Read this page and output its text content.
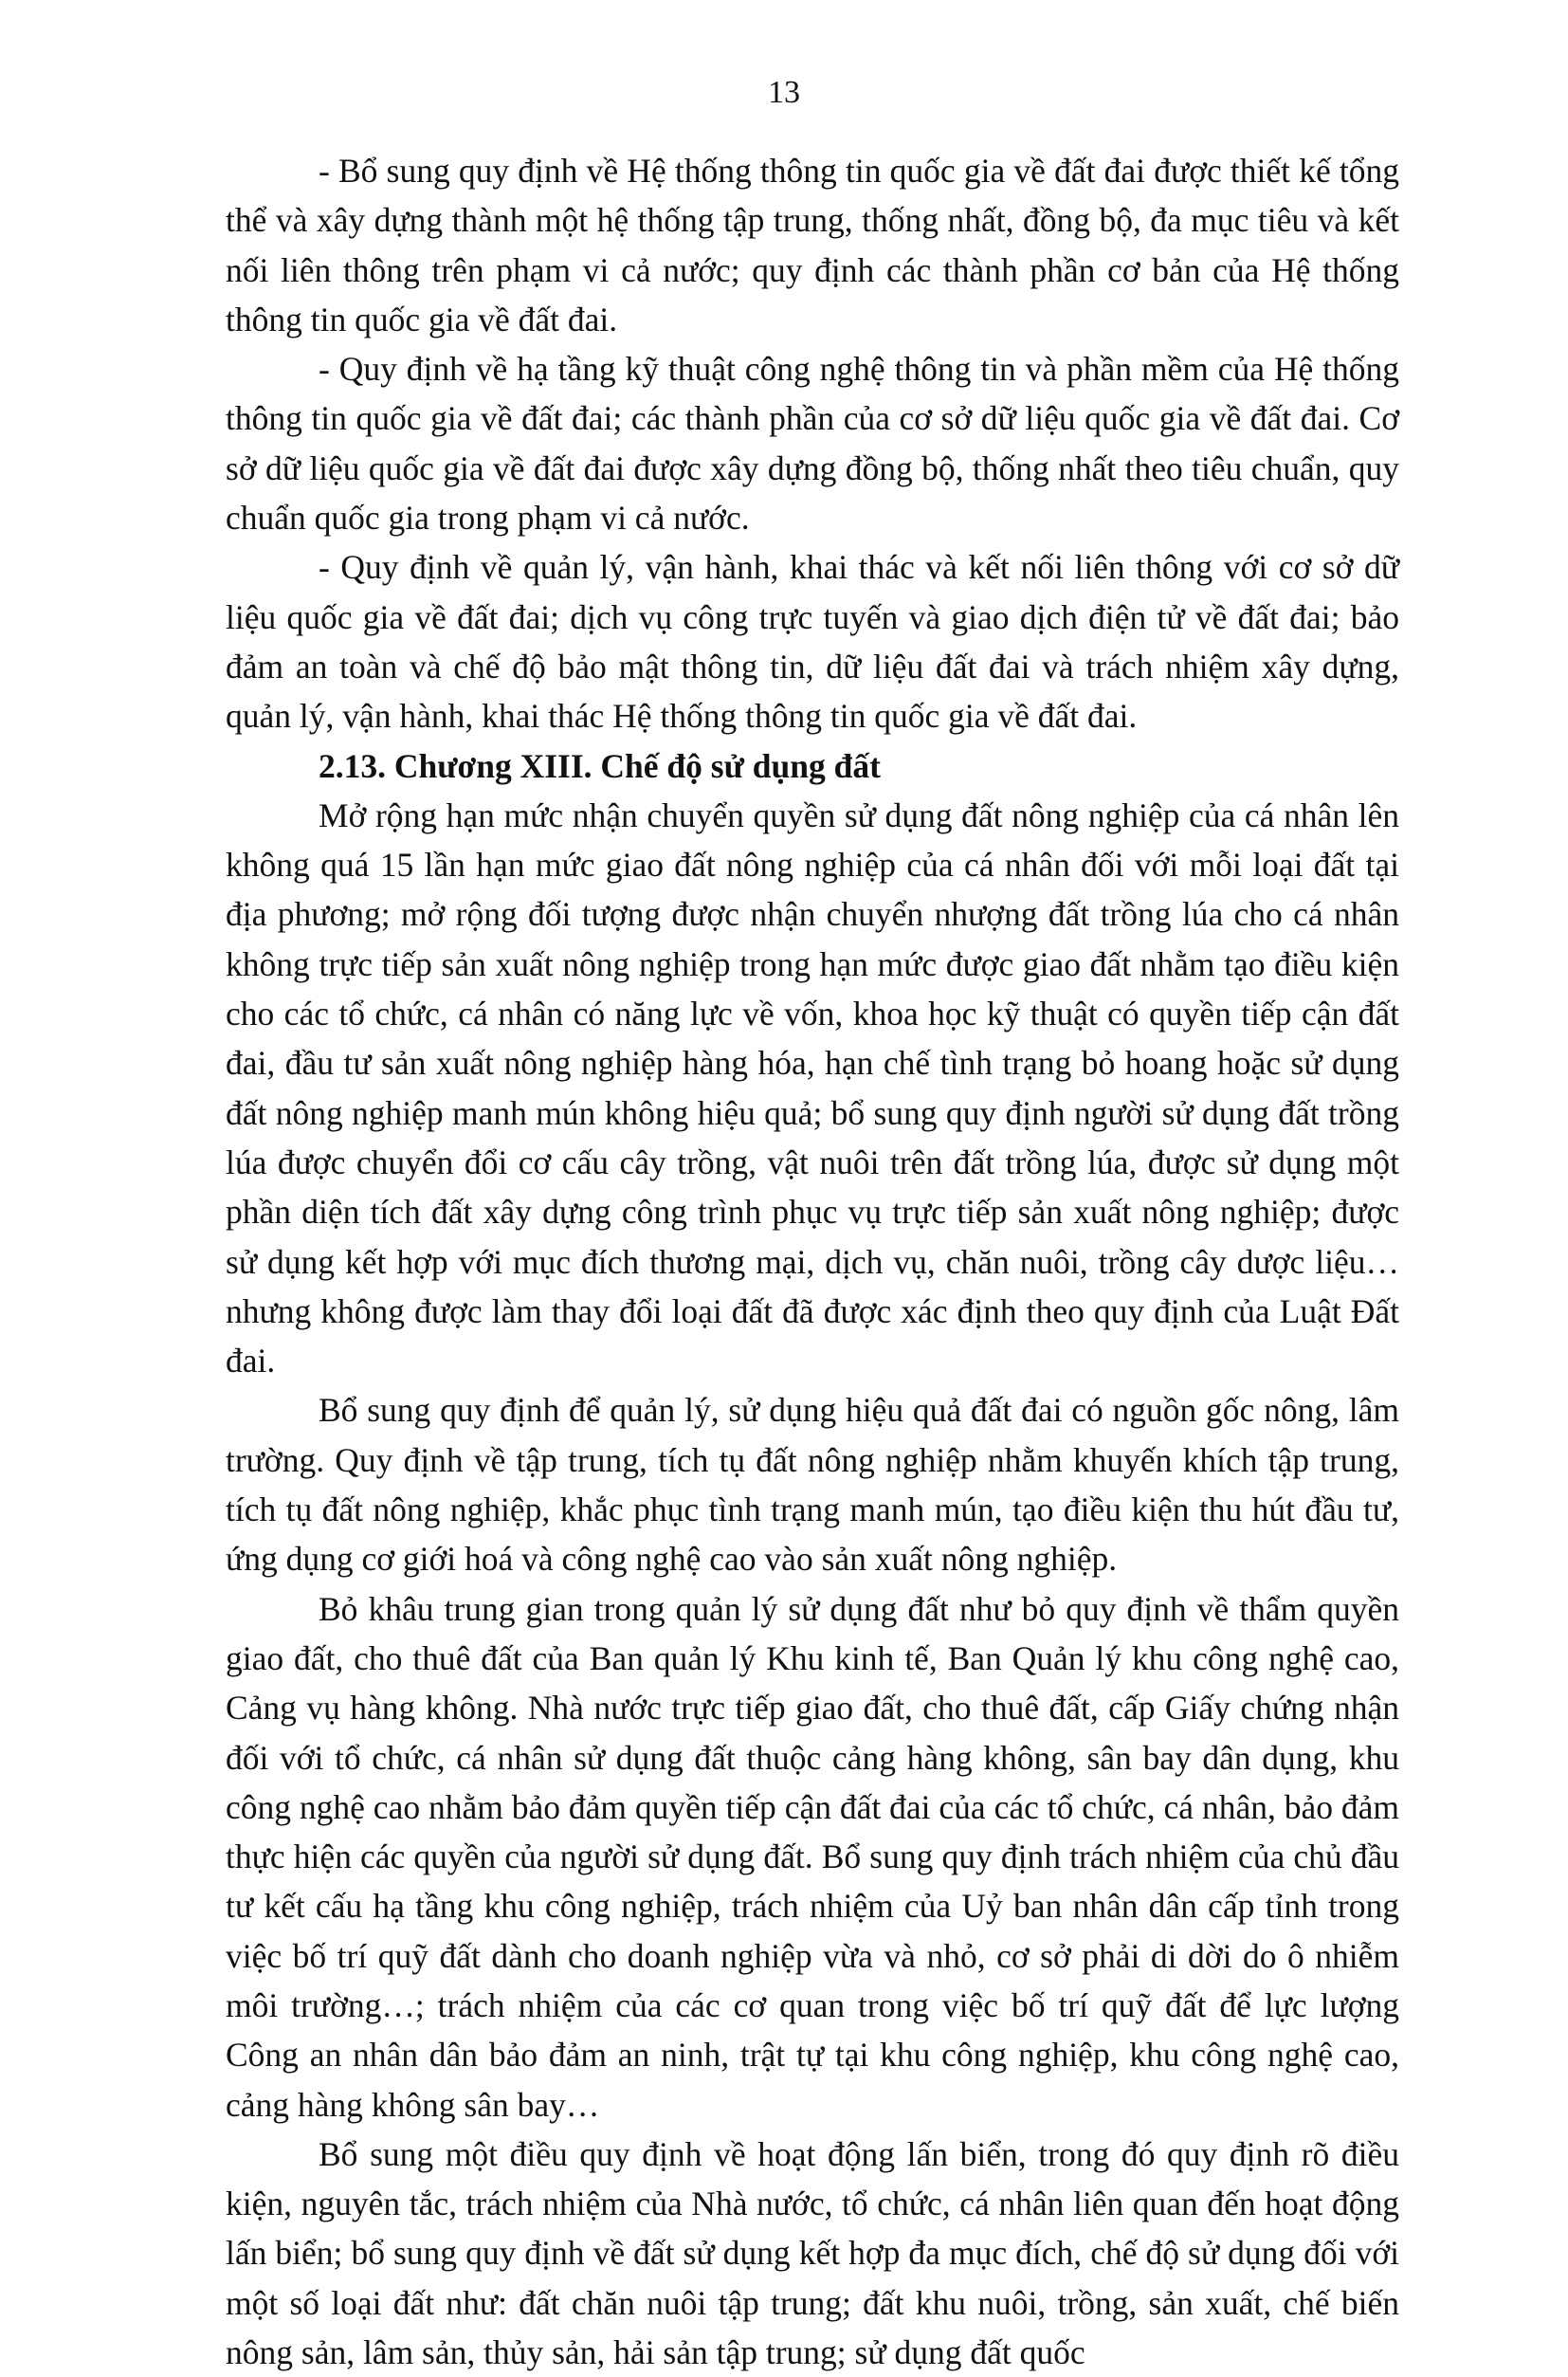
13

- Bổ sung quy định về Hệ thống thông tin quốc gia về đất đai được thiết kế tổng thể và xây dựng thành một hệ thống tập trung, thống nhất, đồng bộ, đa mục tiêu và kết nối liên thông trên phạm vi cả nước; quy định các thành phần cơ bản của Hệ thống thông tin quốc gia về đất đai.

- Quy định về hạ tầng kỹ thuật công nghệ thông tin và phần mềm của Hệ thống thông tin quốc gia về đất đai; các thành phần của cơ sở dữ liệu quốc gia về đất đai. Cơ sở dữ liệu quốc gia về đất đai được xây dựng đồng bộ, thống nhất theo tiêu chuẩn, quy chuẩn quốc gia trong phạm vi cả nước.

- Quy định về quản lý, vận hành, khai thác và kết nối liên thông với cơ sở dữ liệu quốc gia về đất đai; dịch vụ công trực tuyến và giao dịch điện tử về đất đai; bảo đảm an toàn và chế độ bảo mật thông tin, dữ liệu đất đai và trách nhiệm xây dựng, quản lý, vận hành, khai thác Hệ thống thông tin quốc gia về đất đai.

2.13. Chương XIII. Chế độ sử dụng đất

Mở rộng hạn mức nhận chuyển quyền sử dụng đất nông nghiệp của cá nhân lên không quá 15 lần hạn mức giao đất nông nghiệp của cá nhân đối với mỗi loại đất tại địa phương; mở rộng đối tượng được nhận chuyển nhượng đất trồng lúa cho cá nhân không trực tiếp sản xuất nông nghiệp trong hạn mức được giao đất nhằm tạo điều kiện cho các tổ chức, cá nhân có năng lực về vốn, khoa học kỹ thuật có quyền tiếp cận đất đai, đầu tư sản xuất nông nghiệp hàng hóa, hạn chế tình trạng bỏ hoang hoặc sử dụng đất nông nghiệp manh mún không hiệu quả; bổ sung quy định người sử dụng đất trồng lúa được chuyển đổi cơ cấu cây trồng, vật nuôi trên đất trồng lúa, được sử dụng một phần diện tích đất xây dựng công trình phục vụ trực tiếp sản xuất nông nghiệp; được sử dụng kết hợp với mục đích thương mại, dịch vụ, chăn nuôi, trồng cây dược liệu… nhưng không được làm thay đổi loại đất đã được xác định theo quy định của Luật Đất đai.

Bổ sung quy định để quản lý, sử dụng hiệu quả đất đai có nguồn gốc nông, lâm trường. Quy định về tập trung, tích tụ đất nông nghiệp nhằm khuyến khích tập trung, tích tụ đất nông nghiệp, khắc phục tình trạng manh mún, tạo điều kiện thu hút đầu tư, ứng dụng cơ giới hoá và công nghệ cao vào sản xuất nông nghiệp.

Bỏ khâu trung gian trong quản lý sử dụng đất như bỏ quy định về thẩm quyền giao đất, cho thuê đất của Ban quản lý Khu kinh tế, Ban Quản lý khu công nghệ cao, Cảng vụ hàng không. Nhà nước trực tiếp giao đất, cho thuê đất, cấp Giấy chứng nhận đối với tổ chức, cá nhân sử dụng đất thuộc cảng hàng không, sân bay dân dụng, khu công nghệ cao nhằm bảo đảm quyền tiếp cận đất đai của các tổ chức, cá nhân, bảo đảm thực hiện các quyền của người sử dụng đất. Bổ sung quy định trách nhiệm của chủ đầu tư kết cấu hạ tầng khu công nghiệp, trách nhiệm của Uỷ ban nhân dân cấp tỉnh trong việc bố trí quỹ đất dành cho doanh nghiệp vừa và nhỏ, cơ sở phải di dời do ô nhiễm môi trường…; trách nhiệm của các cơ quan trong việc bố trí quỹ đất để lực lượng Công an nhân dân bảo đảm an ninh, trật tự tại khu công nghiệp, khu công nghệ cao, cảng hàng không sân bay…

Bổ sung một điều quy định về hoạt động lấn biển, trong đó quy định rõ điều kiện, nguyên tắc, trách nhiệm của Nhà nước, tổ chức, cá nhân liên quan đến hoạt động lấn biển; bổ sung quy định về đất sử dụng kết hợp đa mục đích, chế độ sử dụng đối với một số loại đất như: đất chăn nuôi tập trung; đất khu nuôi, trồng, sản xuất, chế biến nông sản, lâm sản, thủy sản, hải sản tập trung; sử dụng đất quốc
